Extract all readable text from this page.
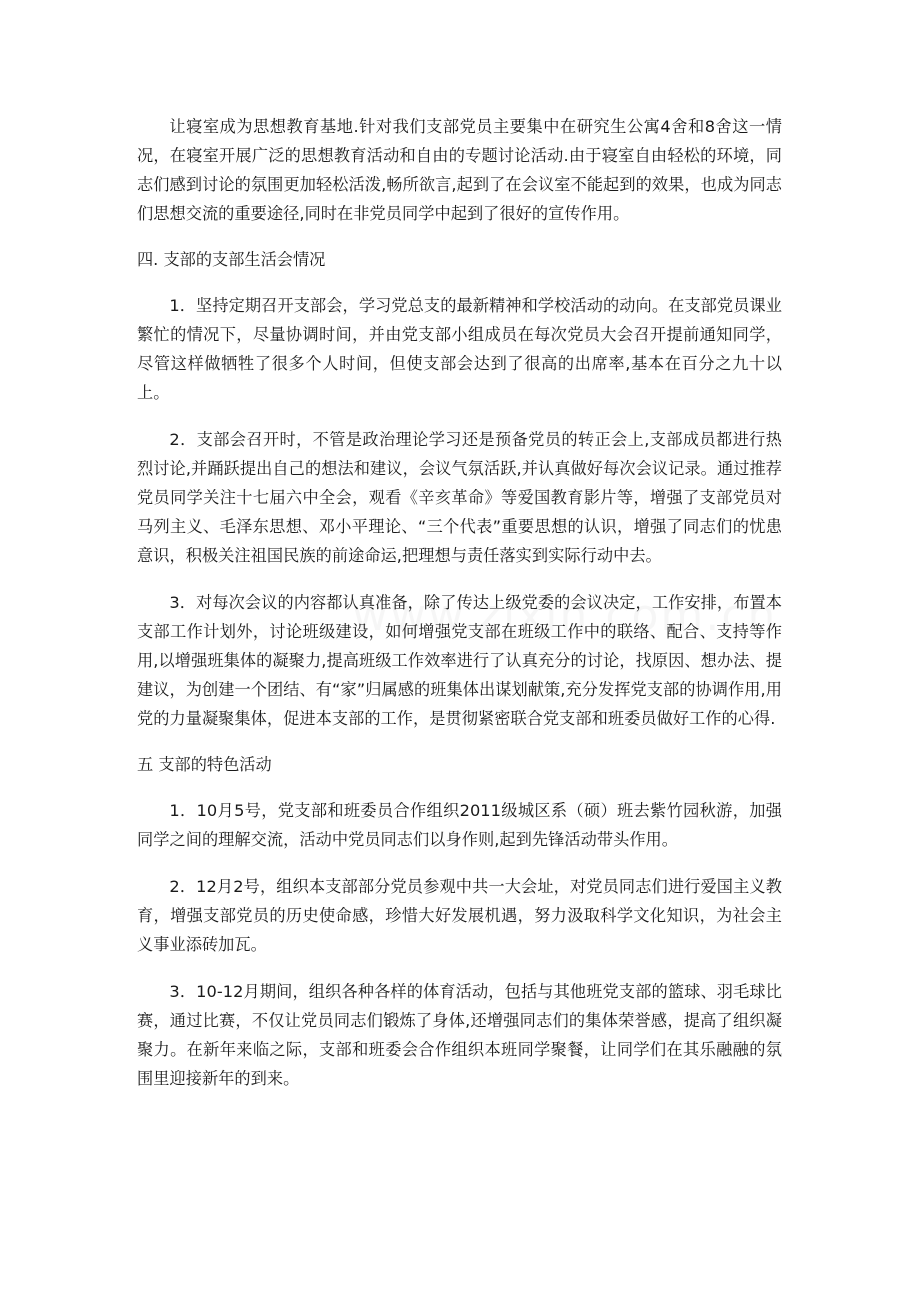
让寝室成为思想教育基地.针对我们支部党员主要集中在研究生公寓4舍和8舍这一情况，在寝室开展广泛的思想教育活动和自由的专题讨论活动.由于寝室自由轻松的环境，同志们感到讨论的氛围更加轻松活泼,畅所欲言,起到了在会议室不能起到的效果，也成为同志们思想交流的重要途径,同时在非党员同学中起到了很好的宣传作用。

四. 支部的支部生活会情况

1．坚持定期召开支部会，学习党总支的最新精神和学校活动的动向。在支部党员课业繁忙的情况下，尽量协调时间，并由党支部小组成员在每次党员大会召开提前通知同学，尽管这样做牺牲了很多个人时间，但使支部会达到了很高的出席率,基本在百分之九十以上。

2．支部会召开时，不管是政治理论学习还是预备党员的转正会上,支部成员都进行热烈讨论,并踊跃提出自己的想法和建议，会议气氛活跃,并认真做好每次会议记录。通过推荐党员同学关注十七届六中全会，观看《辛亥革命》等爱国教育影片等，增强了支部党员对马列主义、毛泽东思想、邓小平理论、“三个代表”重要思想的认识，增强了同志们的忧患意识，积极关注祖国民族的前途命运,把理想与责任落实到实际行动中去。

3．对每次会议的内容都认真准备，除了传达上级党委的会议决定，工作安排，布置本支部工作计划外，讨论班级建设，如何增强党支部在班级工作中的联络、配合、支持等作用,以增强班集体的凝聚力,提高班级工作效率进行了认真充分的讨论，找原因、想办法、提建议，为创建一个团结、有“家”归属感的班集体出谋划献策,充分发挥党支部的协调作用,用党的力量凝聚集体，促进本支部的工作，是贯彻紧密联合党支部和班委员做好工作的心得.

五 支部的特色活动

1．10月5号，党支部和班委员合作组织2011级城区系（硕）班去紫竹园秋游，加强同学之间的理解交流，活动中党员同志们以身作则,起到先锋活动带头作用。

2．12月2号，组织本支部部分党员参观中共一大会址，对党员同志们进行爱国主义教育，增强支部党员的历史使命感，珍惜大好发展机遇，努力汲取科学文化知识，为社会主义事业添砖加瓦。

3．10-12月期间，组织各种各样的体育活动，包括与其他班党支部的篮球、羽毛球比赛，通过比赛，不仅让党员同志们锻炼了身体,还增强同志们的集体荣誉感，提高了组织凝聚力。在新年来临之际，支部和班委会合作组织本班同学聚餐，让同学们在其乐融融的氛围里迎接新年的到来。
